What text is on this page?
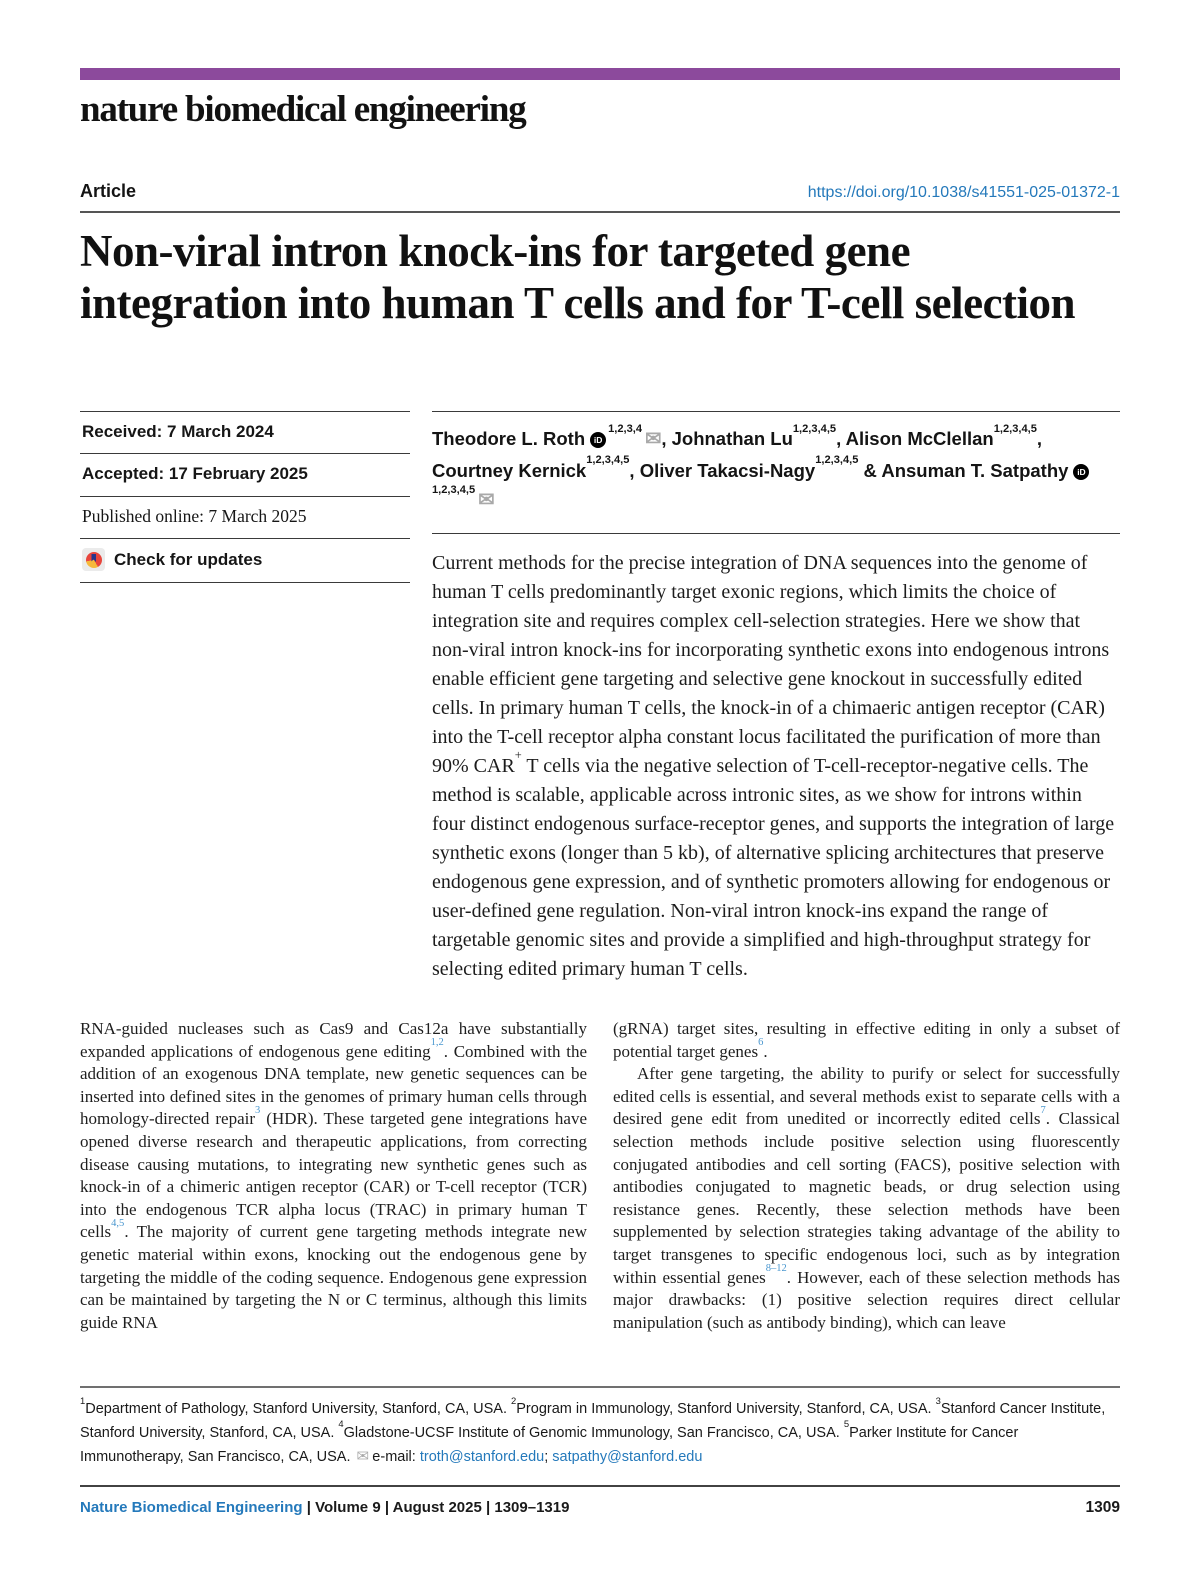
nature biomedical engineering
Article	https://doi.org/10.1038/s41551-025-01372-1
Non-viral intron knock-ins for targeted gene integration into human T cells and for T-cell selection
Received: 7 March 2024
Accepted: 17 February 2025
Published online: 7 March 2025
Check for updates
Theodore L. Roth iD$^{1,2,3,4}$ ✉, Johnathan Lu$^{1,2,3,4,5}$, Alison McClellan$^{1,2,3,4,5}$, Courtney Kernick$^{1,2,3,4,5}$, Oliver Takacsi-Nagy$^{1,2,3,4,5}$ & Ansuman T. Satpathy iD$^{1,2,3,4,5}$ ✉
Current methods for the precise integration of DNA sequences into the genome of human T cells predominantly target exonic regions, which limits the choice of integration site and requires complex cell-selection strategies. Here we show that non-viral intron knock-ins for incorporating synthetic exons into endogenous introns enable efficient gene targeting and selective gene knockout in successfully edited cells. In primary human T cells, the knock-in of a chimaeric antigen receptor (CAR) into the T-cell receptor alpha constant locus facilitated the purification of more than 90% CAR+ T cells via the negative selection of T-cell-receptor-negative cells. The method is scalable, applicable across intronic sites, as we show for introns within four distinct endogenous surface-receptor genes, and supports the integration of large synthetic exons (longer than 5 kb), of alternative splicing architectures that preserve endogenous gene expression, and of synthetic promoters allowing for endogenous or user-defined gene regulation. Non-viral intron knock-ins expand the range of targetable genomic sites and provide a simplified and high-throughput strategy for selecting edited primary human T cells.

RNA-guided nucleases such as Cas9 and Cas12a have substantially expanded applications of endogenous gene editing$^{1,2}$. Combined with the addition of an exogenous DNA template, new genetic sequences can be inserted into defined sites in the genomes of primary human cells through homology-directed repair$^3$ (HDR). These targeted gene integrations have opened diverse research and therapeutic applications, from correcting disease causing mutations, to integrating new synthetic genes such as knock-in of a chimeric antigen receptor (CAR) or T-cell receptor (TCR) into the endogenous TCR alpha locus (TRAC) in primary human T cells$^{4,5}$. The majority of current gene targeting methods integrate new genetic material within exons, knocking out the endogenous gene by targeting the middle of the coding sequence. Endogenous gene expression can be maintained by targeting the N or C terminus, although this limits guide RNA

(gRNA) target sites, resulting in effective editing in only a subset of potential target genes$^6$.

After gene targeting, the ability to purify or select for successfully edited cells is essential, and several methods exist to separate cells with a desired gene edit from unedited or incorrectly edited cells$^7$. Classical selection methods include positive selection using fluorescently conjugated antibodies and cell sorting (FACS), positive selection with antibodies conjugated to magnetic beads, or drug selection using resistance genes. Recently, these selection methods have been supplemented by selection strategies taking advantage of the ability to target transgenes to specific endogenous loci, such as by integration within essential genes$^{8-12}$. However, each of these selection methods has major drawbacks: (1) positive selection requires direct cellular manipulation (such as antibody binding), which can leave

$^1$Department of Pathology, Stanford University, Stanford, CA, USA. $^2$Program in Immunology, Stanford University, Stanford, CA, USA. $^3$Stanford Cancer Institute, Stanford University, Stanford, CA, USA. $^4$Gladstone-UCSF Institute of Genomic Immunology, San Francisco, CA, USA. $^5$Parker Institute for Cancer Immunotherapy, San Francisco, CA, USA. ✉ e-mail: troth@stanford.edu; satpathy@stanford.edu

Nature Biomedical Engineering | Volume 9 | August 2025 | 1309–1319	1309
